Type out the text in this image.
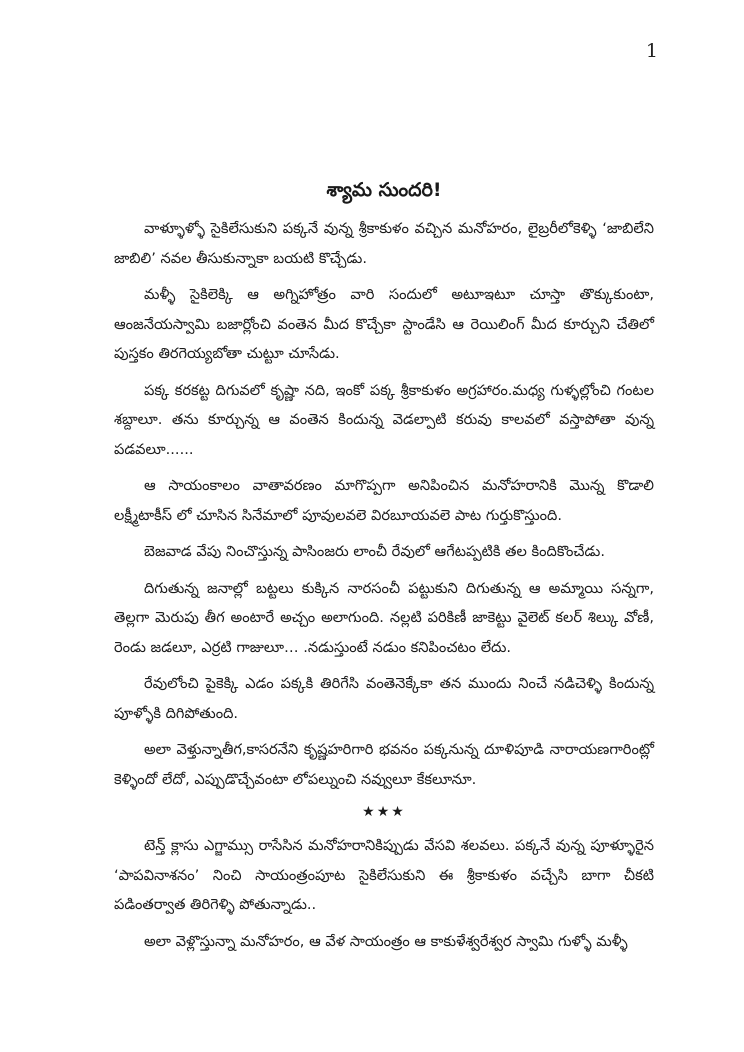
1
శ్యామ సుందరి!

వాళ్ళూళ్ళో సైకిలేసుకుని పక్కనే వున్న శ్రీకాకుళం వచ్చిన మనోహరం, లైబ్రరీలోకెళ్ళి ‘జాబిలేని జాబిలి’ నవల తీసుకున్నాకా బయటి కొచ్చేడు.

మళ్ళీ సైకిలెక్కి ఆ అగ్నిహోత్రం వారి సందులో అటూఇటూ చూస్తా తొక్కుకుంటా, ఆంజనేయస్వామి బజార్లోంచి వంతెన మీద కొచ్చేకా స్టాండేసి ఆ రెయిలింగ్ మీద కూర్చుని చేతిలో పుస్తకం తిరగెయ్యబోతా చుట్టూ చూసేడు.

పక్క కరకట్ట దిగువలో కృష్ణా నది, ఇంకో పక్క శ్రీకాకుళం అగ్రహారం.మధ్య గుళ్ళల్లోంచి గంటల శబ్దాలూ. తను కూర్చున్న ఆ వంతెన కిందున్న వెడల్పాటి కరువు కాలవలో వస్తాపోతా వున్న పడవలూ......

ఆ సాయంకాలం వాతావరణం మాగొప్పగా అనిపించిన మనోహరానికి మొన్న కొడాలి లక్ష్మీటాకీస్ లో చూసిన సినేమాలో పూవులవలె విరబూయవలె పాట గుర్తుకొస్తుంది.

బెజవాడ వేపు నించొస్తున్న పాసింజరు లాంచీ రేవులో ఆగేటప్పటికి తల కిందికొంచేడు.

దిగుతున్న జనాల్లో బట్టలు కుక్కిన నారసంచీ పట్టుకుని దిగుతున్న ఆ అమ్మాయి సన్నగా, తెల్లగా మెరుపు తీగ అంటారే అచ్చం అలాగుంది. నల్లటి పరికిణీ జాకెట్టు వైలెట్ కలర్ శిల్కు వోణీ, రెండు జడలూ, ఎర్రటి గాజులూ… .నడుస్తుంటే నడుం కనిపించటం లేదు.

రేవులోంచి పైకెక్కి ఎడం పక్కకి తిరిగేసి వంతెనెక్కేకా తన ముందు నించే నడిచెళ్ళి కిందున్న పూళ్ళోకి దిగిపోతుంది.

అలా వెళ్తున్నాతీగ,కాసరనేని కృష్ణహరిగారి భవనం పక్కనున్న దూళిపూడి నారాయణగారింట్లో కెళ్ళిందో లేదో, ఎప్పుడొచ్చేవంటా లోపల్నుంచి నవ్వులూ కేకలూనూ.

★★★

టెన్త్ క్లాసు ఎగ్జామ్సు రాసేసిన మనోహరానికిప్పుడు వేసవి శలవలు. పక్కనే వున్న పూళ్ళూరైన ‘పాపవినాశనం’ నించి సాయంత్రంపూట సైకిలేసుకుని ఈ శ్రీకాకుళం వచ్చేసి బాగా చీకటి పడింతర్వాత తిరిగెళ్ళి పోతున్నాడు..

అలా వెళ్లొస్తున్నా మనోహరం, ఆ వేళ సాయంత్రం ఆ కాకుళేశ్వరేశ్వర స్వామి గుళ్ళో మళ్ళీ
